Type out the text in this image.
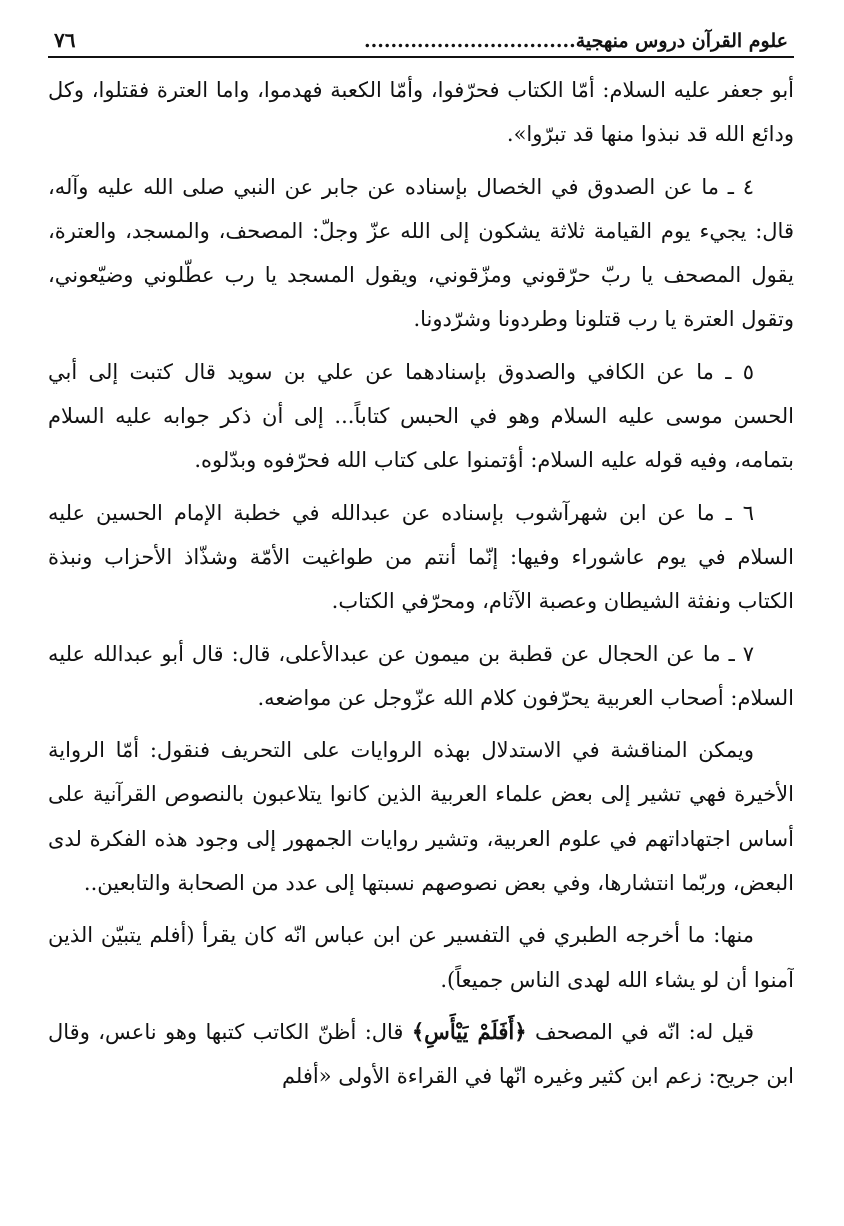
علوم القرآن دروس منهجية................................
٧٦

أبو جعفر عليه السلام: أمّا الكتاب فحرّفوا، وأمّا الكعبة فهدموا، واما العترة فقتلوا، وكل ودائع الله قد نبذوا منها قد تبرّوا».

٤ ـ ما عن الصدوق في الخصال بإسناده عن جابر عن النبي صلى الله عليه وآله، قال: يجيء يوم القيامة ثلاثة يشكون إلى الله عزّ وجلّ: المصحف، والمسجد، والعترة، يقول المصحف يا ربّ حرّقوني ومزّقوني، ويقول المسجد يا رب عطّلوني وضيّعوني، وتقول العترة يا رب قتلونا وطردونا وشرّدونا.

٥ ـ ما عن الكافي والصدوق بإسنادهما عن علي بن سويد قال كتبت إلى أبي الحسن موسى عليه السلام وهو في الحبس كتاباً... إلى أن ذكر جوابه عليه السلام بتمامه، وفيه قوله عليه السلام: أؤتمنوا على كتاب الله فحرّفوه وبدّلوه.

٦ ـ ما عن ابن شهرآشوب بإسناده عن عبدالله في خطبة الإمام الحسين عليه السلام في يوم عاشوراء وفيها: إنّما أنتم من طواغيت الأمّة وشذّاذ الأحزاب ونبذة الكتاب ونفثة الشيطان وعصبة الآثام، ومحرّفي الكتاب.

٧ ـ ما عن الحجال عن قطبة بن ميمون عن عبدالأعلى، قال: قال أبو عبدالله عليه السلام: أصحاب العربية يحرّفون كلام الله عزّوجل عن مواضعه.

ويمكن المناقشة في الاستدلال بهذه الروايات على التحريف فنقول: أمّا الرواية الأخيرة فهي تشير إلى بعض علماء العربية الذين كانوا يتلاعبون بالنصوص القرآنية على أساس اجتهاداتهم في علوم العربية، وتشير روايات الجمهور إلى وجود هذه الفكرة لدى البعض، وربّما انتشارها، وفي بعض نصوصهم نسبتها إلى عدد من الصحابة والتابعين..

منها: ما أخرجه الطبري في التفسير عن ابن عباس انّه كان يقرأ (أفلم يتبيّن الذين آمنوا أن لو يشاء الله لهدى الناس جميعاً).

قيل له: انّه في المصحف ﴿أَفَلَمْ يَيْأَسِ﴾ قال: أظنّ الكاتب كتبها وهو ناعس، وقال ابن جريح: زعم ابن كثير وغيره انّها في القراءة الأولى «أفلم
